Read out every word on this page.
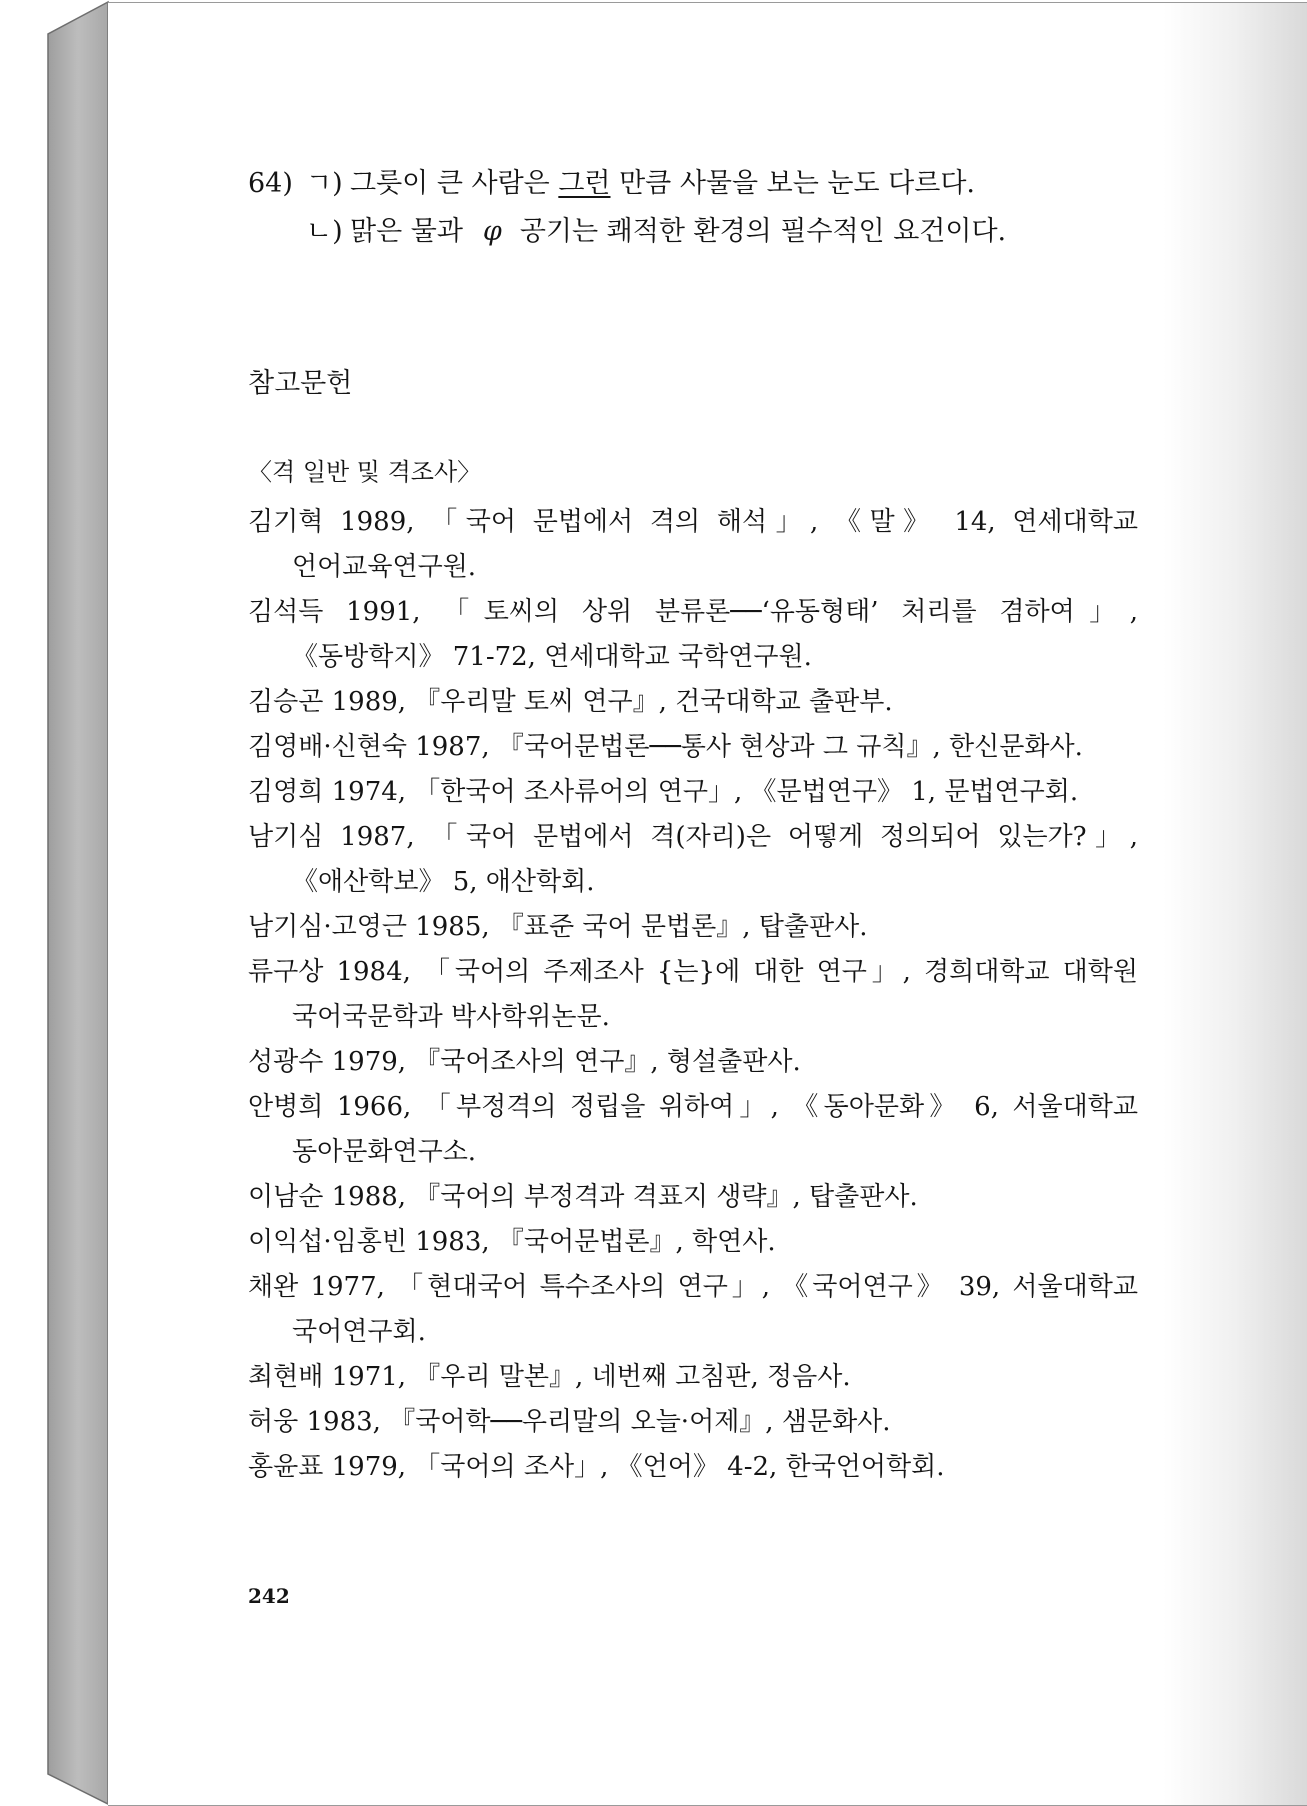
64) ㄱ) 그릇이 큰 사람은 그런 만큼 사물을 보는 눈도 다르다.
ㄴ) 맑은 물과 φ 공기는 쾌적한 환경의 필수적인 요건이다.
참고문헌
〈격 일반 및 격조사〉
김기혁 1989, 「국어 문법에서 격의 해석」, 《말》 14, 연세대학교 언어교육연구원.
김석득 1991, 「토씨의 상위 분류론──‘유동형태’ 처리를 겸하여」, 《동방학지》 71-72, 연세대학교 국학연구원.
김승곤 1989, 『우리말 토씨 연구』, 건국대학교 출판부.
김영배·신현숙 1987, 『국어문법론──통사 현상과 그 규칙』, 한신문화사.
김영희 1974, 「한국어 조사류어의 연구」, 《문법연구》 1, 문법연구회.
남기심 1987, 「국어 문법에서 격(자리)은 어떻게 정의되어 있는가?」, 《애산학보》 5, 애산학회.
남기심·고영근 1985, 『표준 국어 문법론』, 탑출판사.
류구상 1984, 「국어의 주제조사 {는}에 대한 연구」, 경희대학교 대학원 국어국문학과 박사학위논문.
성광수 1979, 『국어조사의 연구』, 형설출판사.
안병희 1966, 「부정격의 정립을 위하여」, 《동아문화》 6, 서울대학교 동아문화연구소.
이남순 1988, 『국어의 부정격과 격표지 생략』, 탑출판사.
이익섭·임홍빈 1983, 『국어문법론』, 학연사.
채완 1977, 「현대국어 특수조사의 연구」, 《국어연구》 39, 서울대학교 국어연구회.
최현배 1971, 『우리 말본』, 네번째 고침판, 정음사.
허웅 1983, 『국어학──우리말의 오늘·어제』, 샘문화사.
홍윤표 1979, 「국어의 조사」, 《언어》 4-2, 한국언어학회.
242
